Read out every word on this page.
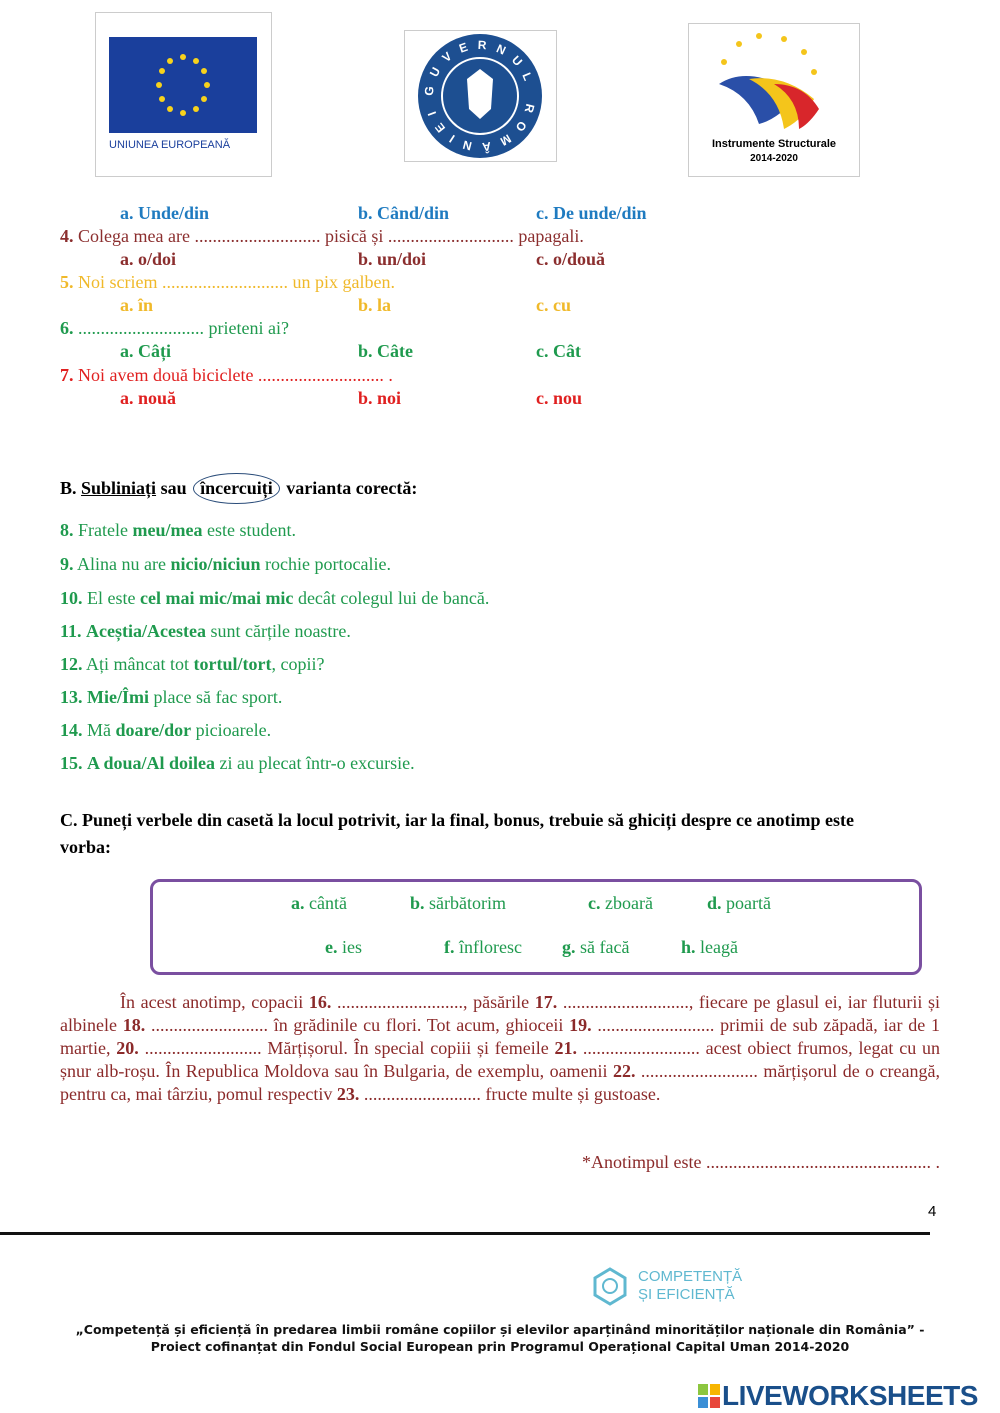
UNIUNEA EUROPEANĂ
GUVERNUL ROMÂNIEI
Instrumente Structurale
2014-2020
a. Unde/din	b. Când/din	c. De unde/din
4. Colega mea are ............................ pisică și ............................ papagali.
a. o/doi	b. un/doi	c. o/două
5. Noi scriem ............................ un pix galben.
a. în	b. la	c. cu
6. ............................ prieteni ai?
a. Câți	b. Câte	c. Cât
7. Noi avem două biciclete ............................ .
a. nouă	b. noi	c. nou
B. Subliniați sau încercuiți varianta corectă:
8. Fratele meu/mea este student.
9. Alina nu are nicio/niciun rochie portocalie.
10. El este cel mai mic/mai mic decât colegul lui de bancă.
11. Aceștia/Acestea sunt cărțile noastre.
12. Ați mâncat tot tortul/tort, copii?
13. Mie/Îmi place să fac sport.
14. Mă doare/dor picioarele.
15. A doua/Al doilea zi au plecat într-o excursie.
C. Puneți verbele din casetă la locul potrivit, iar la final, bonus, trebuie să ghiciți despre ce anotimp este
vorba:
a. cântă	b. sărbătorim	c. zboară	d. poartă
e. ies	f. înfloresc g. să facă	h. leagă
În acest anotimp, copacii 16. ............................, păsările 17. ............................, fiecare pe glasul ei, iar fluturii și albinele 18. .......................... în grădinile cu flori. Tot acum, ghioceii 19. .......................... primii de sub zăpadă, iar de 1 martie, 20. .......................... Mărțișorul. În special copiii și femeile 21. .......................... acest obiect frumos, legat cu un șnur alb-roșu. În Republica Moldova sau în Bulgaria, de exemplu, oamenii 22. .......................... mărțișorul de o creangă, pentru ca, mai târziu, pomul respectiv 23. .......................... fructe multe și gustoase.
*Anotimpul este .................................................. .
4
COMPETENȚĂ
ȘI EFICIENȚĂ
„Competență și eficiență în predarea limbii române copiilor și elevilor aparținând minorităților naționale din România” -
Proiect cofinanțat din Fondul Social European prin Programul Operațional Capital Uman 2014-2020
LIVEWORKSHEETS
